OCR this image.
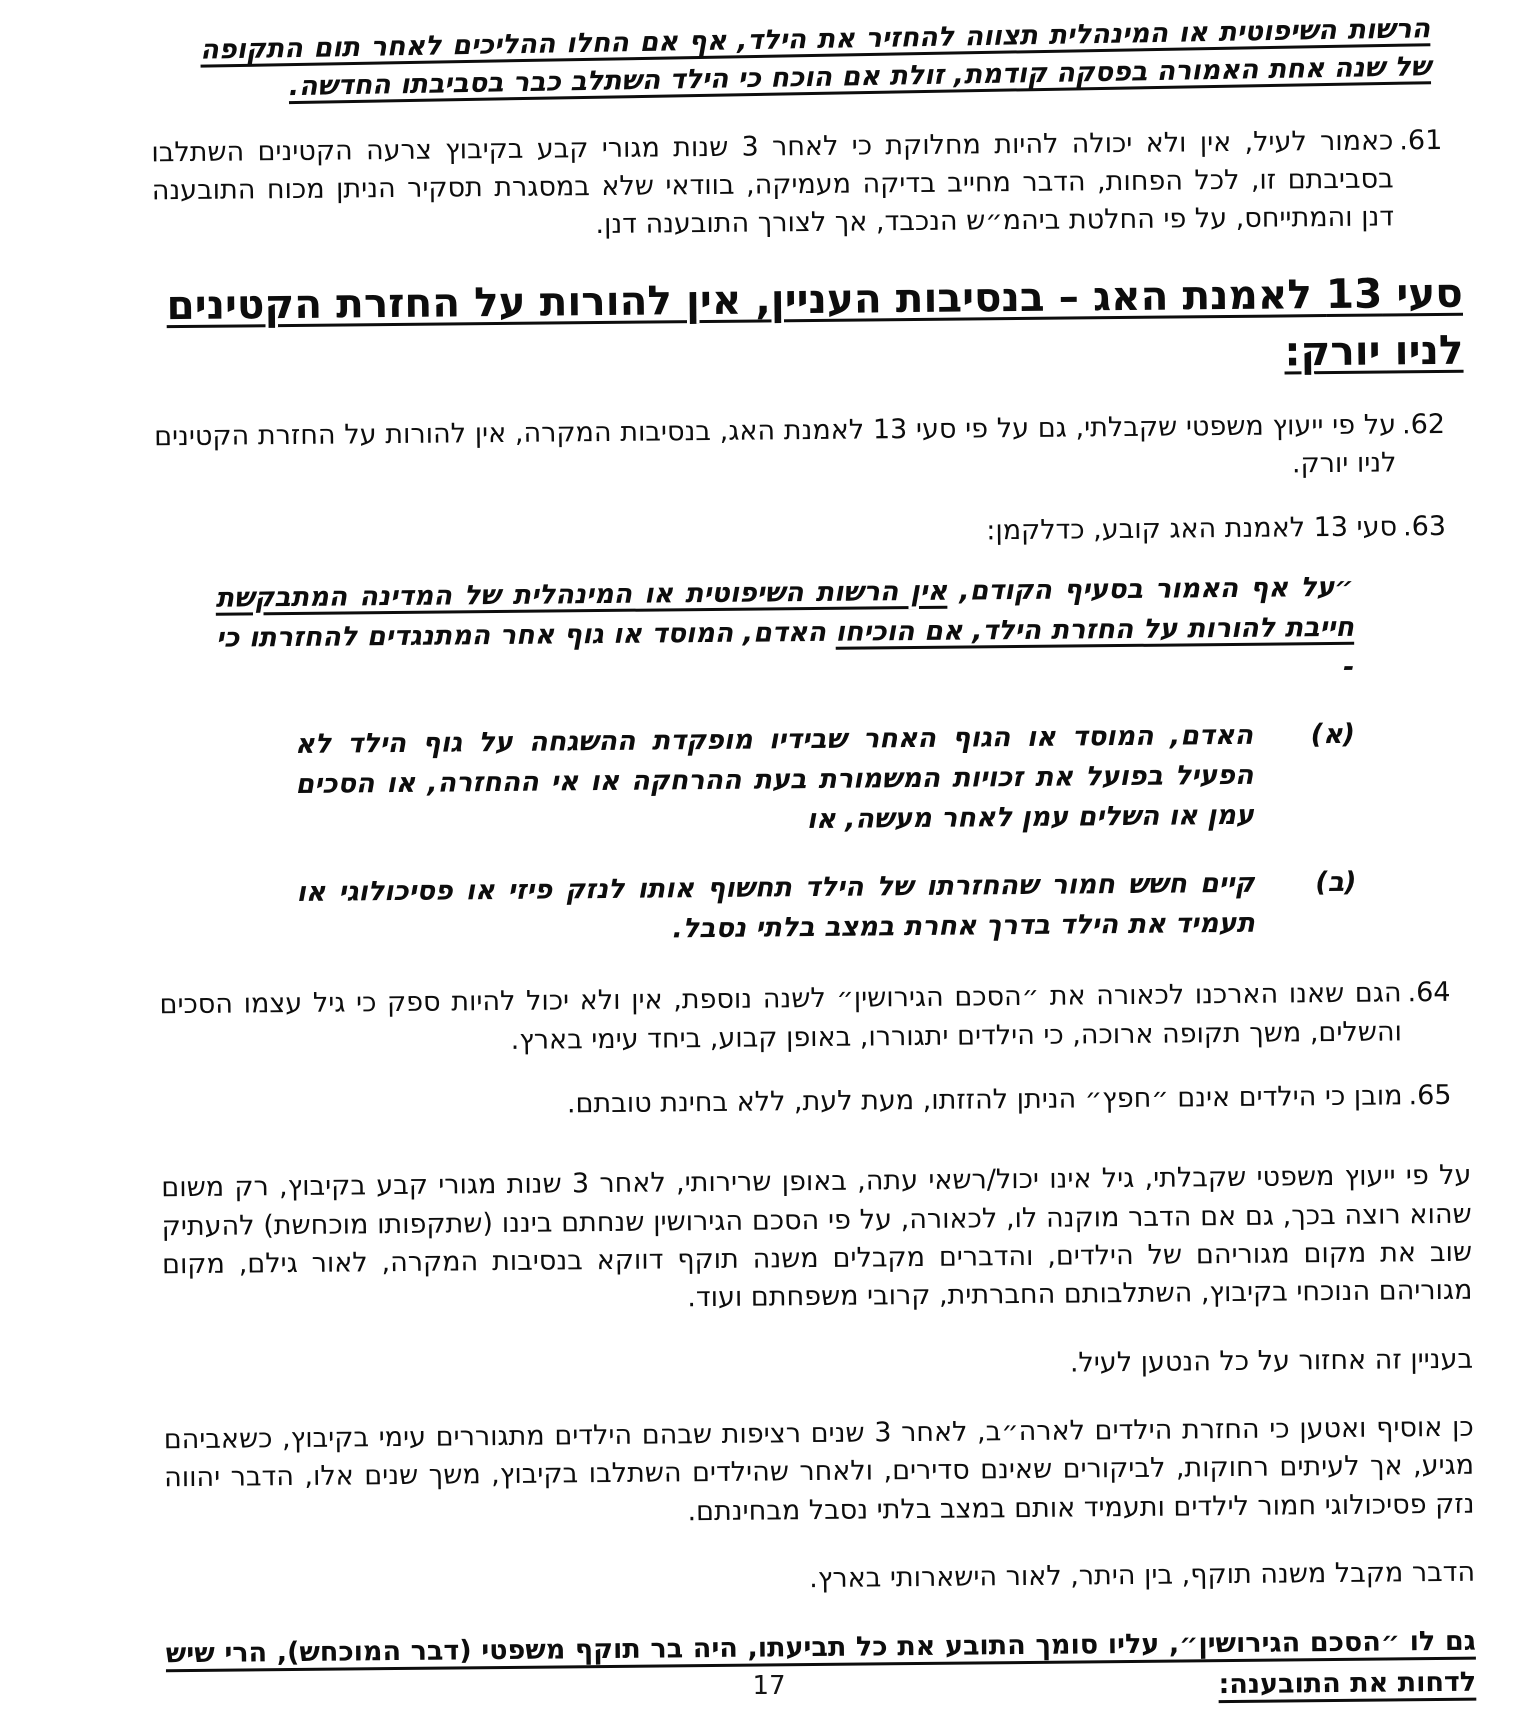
הרשות השיפוטית או המינהלית תצווה להחזיר את הילד, אף אם החלו ההליכים לאחר תום התקופה של שנה אחת האמורה בפסקה קודמת, זולת אם הוכח כי הילד השתלב כבר בסביבתו החדשה.

61.
כאמור לעיל, אין ולא יכולה להיות מחלוקת כי לאחר 3 שנות מגורי קבע בקיבוץ צרעה הקטינים השתלבו בסביבתם זו, לכל הפחות, הדבר מחייב בדיקה מעמיקה, בוודאי שלא במסגרת תסקיר הניתן מכוח התובענה דנן והמתייחס, על פי החלטת ביהמ״ש הנכבד, אך לצורך התובענה דנן.
סעי 13 לאמנת האג – בנסיבות העניין, אין להורות על החזרת הקטינים לניו יורק:
62.
על פי ייעוץ משפטי שקבלתי, גם על פי סעי 13 לאמנת האג, בנסיבות המקרה, אין להורות על החזרת הקטינים לניו יורק.
63.
סעי 13 לאמנת האג קובע, כדלקמן:

״על אף האמור בסעיף הקודם, אין הרשות השיפוטית או המינהלית של המדינה המתבקשת חייבת להורות על החזרת הילד, אם הוכיחו האדם, המוסד או גוף אחר המתנגדים להחזרתו כי -

(א)
האדם, המוסד או הגוף האחר שבידיו מופקדת ההשגחה על גוף הילד לא הפעיל בפועל את זכויות המשמורת בעת ההרחקה או אי ההחזרה, או הסכים עמן או השלים עמן לאחר מעשה, או
(ב)
קיים חשש חמור שהחזרתו של הילד תחשוף אותו לנזק פיזי או פסיכולוגי או תעמיד את הילד בדרך אחרת במצב בלתי נסבל.
64.
הגם שאנו הארכנו לכאורה את ״הסכם הגירושין״ לשנה נוספת, אין ולא יכול להיות ספק כי גיל עצמו הסכים והשלים, משך תקופה ארוכה, כי הילדים יתגוררו, באופן קבוע, ביחד עימי בארץ.
65.
מובן כי הילדים אינם ״חפץ״ הניתן להזזתו, מעת לעת, ללא בחינת טובתם.

על פי ייעוץ משפטי שקבלתי, גיל אינו יכול/רשאי עתה, באופן שרירותי, לאחר 3 שנות מגורי קבע בקיבוץ, רק משום שהוא רוצה בכך, גם אם הדבר מוקנה לו, לכאורה, על פי הסכם הגירושין שנחתם ביננו (שתקפותו מוכחשת) להעתיק שוב את מקום מגוריהם של הילדים, והדברים מקבלים משנה תוקף דווקא בנסיבות המקרה, לאור גילם, מקום מגוריהם הנוכחי בקיבוץ, השתלבותם החברתית, קרובי משפחתם ועוד.

בעניין זה אחזור על כל הנטען לעיל.

כן אוסיף ואטען כי החזרת הילדים לארה״ב, לאחר 3 שנים רציפות שבהם הילדים מתגוררים עימי בקיבוץ, כשאביהם מגיע, אך לעיתים רחוקות, לביקורים שאינם סדירים, ולאחר שהילדים השתלבו בקיבוץ, משך שנים אלו, הדבר יהווה נזק פסיכולוגי חמור לילדים ותעמיד אותם במצב בלתי נסבל מבחינתם.

הדבר מקבל משנה תוקף, בין היתר, לאור הישארותי בארץ.

גם לו ״הסכם הגירושין״, עליו סומך התובע את כל תביעתו, היה בר תוקף משפטי (דבר המוכחש), הרי שיש לדחות את התובענה:

17
